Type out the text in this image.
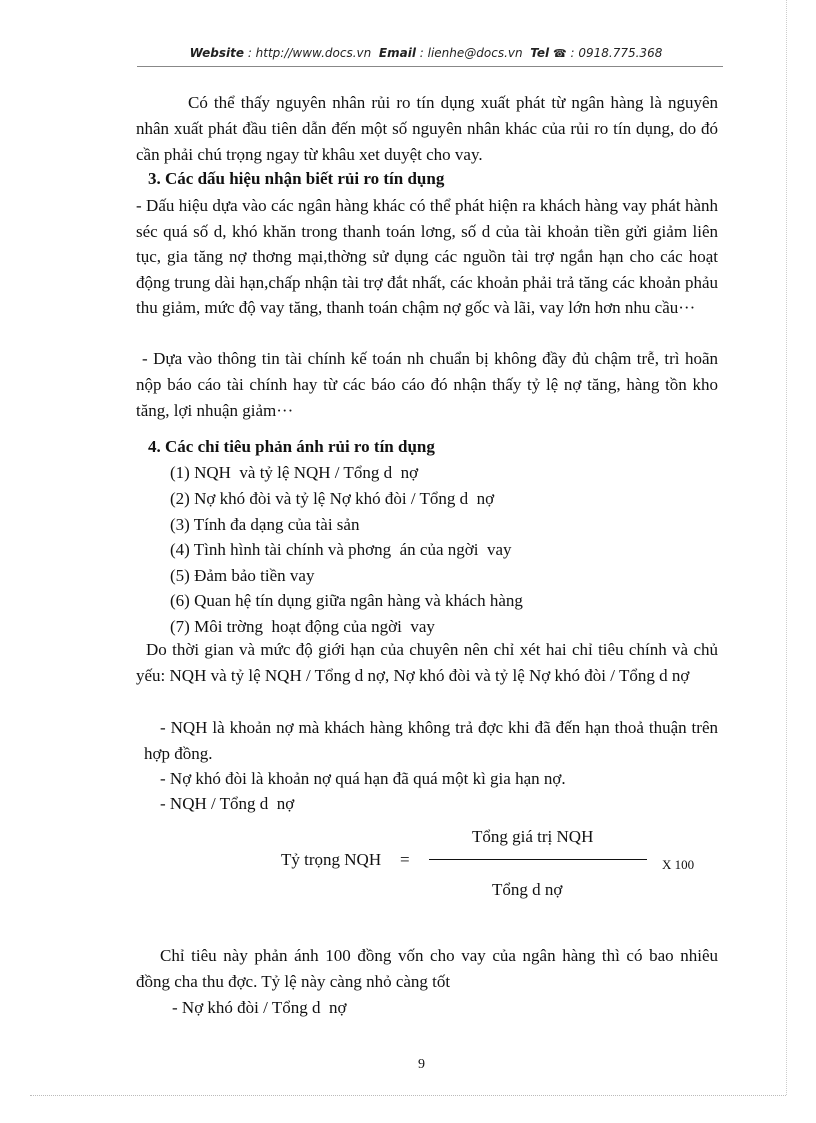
Website : http://www.docs.vn Email : lienhe@docs.vn Tel ☎ : 0918.775.368
Có thể thấy nguyên nhân rủi ro tín dụng xuất phát từ ngân hàng là nguyên nhân xuất phát đầu tiên dẫn đến một số nguyên nhân khác của rủi ro tín dụng, do đó cần phải chú trọng ngay từ khâu xet duyệt cho vay.
3. Các dấu hiệu nhận biết rủi ro tín dụng
- Dấu hiệu dựa vào các ngân hàng khác có thể phát hiện ra khách hàng vay phát hành séc quá số d, khó khăn trong thanh toán lơng, số d của tài khoản tiền gửi giảm liên tục, gia tăng nợ thơng mại,thờng sử dụng các nguồn tài trợ ngắn hạn cho các hoạt động trung dài hạn,chấp nhận tài trợ đắt nhất, các khoản phải trả tăng các khoản phảu thu giảm, mức độ vay tăng, thanh toán chậm nợ gốc và lãi, vay lớn hơn nhu cầu···
- Dựa vào thông tin tài chính kế toán nh chuẩn bị không đầy đủ chậm trễ, trì hoãn nộp báo cáo tài chính hay từ các báo cáo đó nhận thấy tỷ lệ nợ tăng, hàng tồn kho tăng, lợi nhuận giảm···
4. Các chỉ tiêu phản ánh rủi ro tín dụng
(1) NQH  và tỷ lệ NQH / Tổng d  nợ
(2) Nợ khó đòi và tỷ lệ Nợ khó đòi / Tổng d  nợ
(3) Tính đa dạng của tài sản
(4) Tình hình tài chính và phơng  án của ngời  vay
(5) Đảm bảo tiền vay
(6) Quan hệ tín dụng giữa ngân hàng và khách hàng
(7) Môi trờng  hoạt động của ngời  vay
Do thời gian và mức độ giới hạn của chuyên nên chỉ xét hai chỉ tiêu chính và chủ yếu: NQH và tỷ lệ NQH / Tổng d nợ, Nợ khó đòi và tỷ lệ Nợ khó đòi / Tổng d nợ
- NQH là khoản nợ mà khách hàng không trả đợc khi đã đến hạn thoả thuận trên hợp đồng.
- Nợ khó đòi là khoản nợ quá hạn đã quá một kì gia hạn nợ.
- NQH / Tổng d  nợ
Tỷ trọng NQH =
Tổng giá trị NQH
Tổng d nợ
X 100
Chỉ tiêu này phản ánh 100 đồng vốn cho vay của ngân hàng thì có bao nhiêu đồng cha thu đợc. Tỷ lệ này càng nhỏ càng tốt
- Nợ khó đòi / Tổng d  nợ
9
